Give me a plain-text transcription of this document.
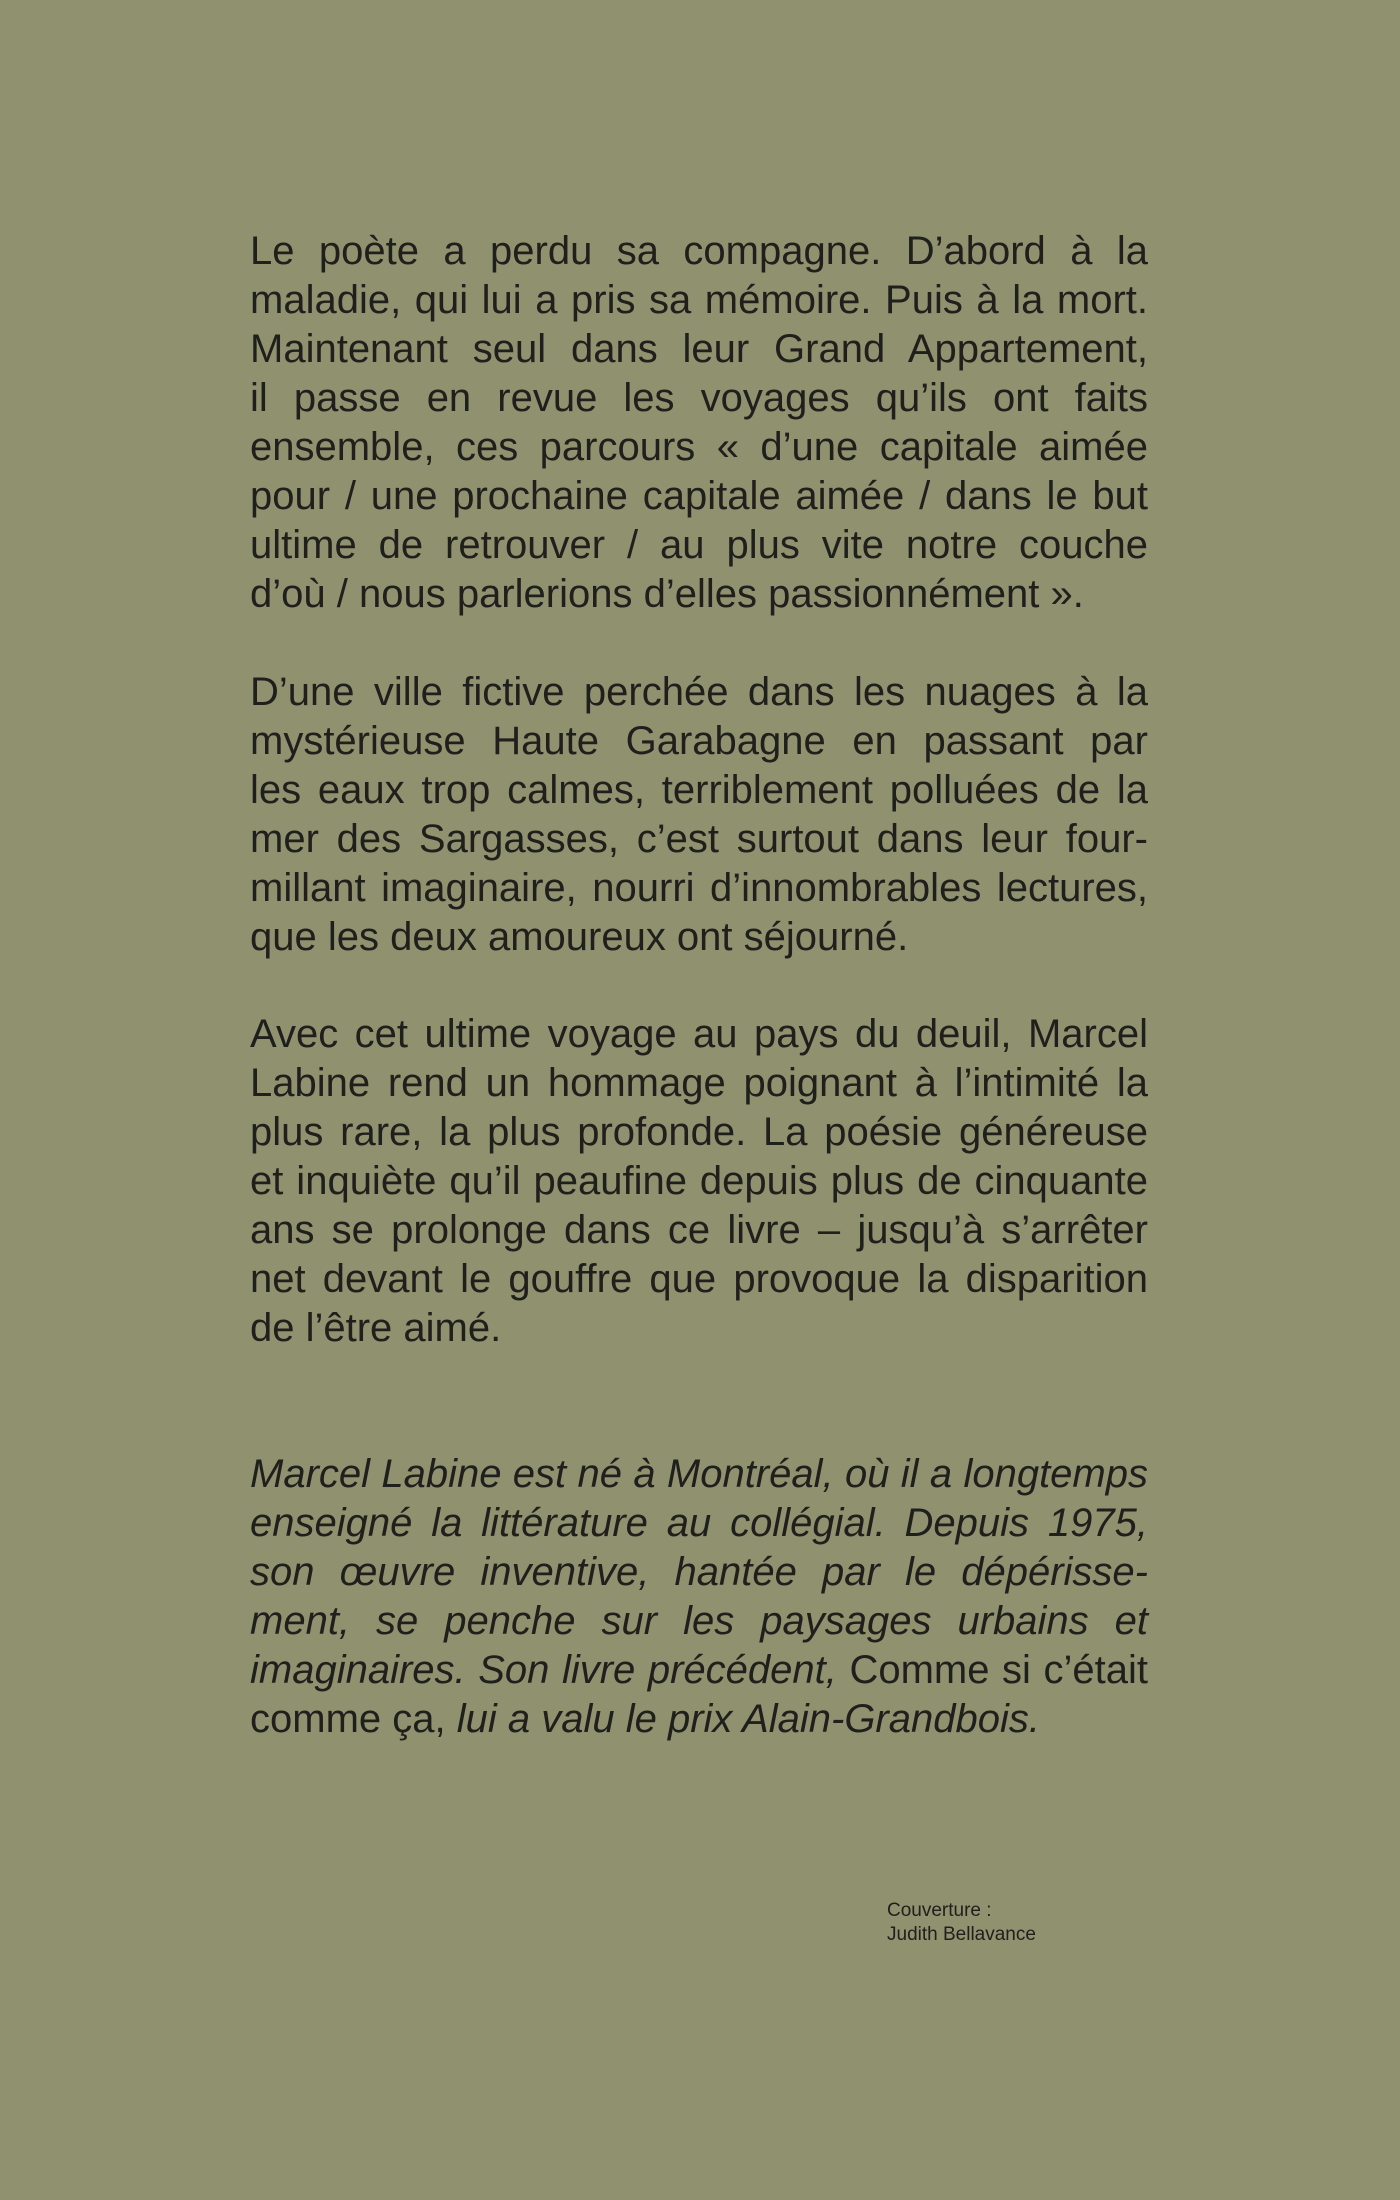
Le poète a perdu sa compagne. D’abord à la
maladie, qui lui a pris sa mémoire. Puis à la mort.
Maintenant seul dans leur Grand Appartement,
il passe en revue les voyages qu’ils ont faits
ensemble, ces parcours « d’une capitale aimée
pour / une prochaine capitale aimée / dans le but
ultime de retrouver / au plus vite notre couche
d’où / nous parlerions d’elles passionnément ».
D’une ville fictive perchée dans les nuages à la
mystérieuse Haute Garabagne en passant par
les eaux trop calmes, terriblement polluées de la
mer des Sargasses, c’est surtout dans leur four-
millant imaginaire, nourri d’innombrables lectures,
que les deux amoureux ont séjourné.
Avec cet ultime voyage au pays du deuil, Marcel
Labine rend un hommage poignant à l’intimité la
plus rare, la plus profonde. La poésie généreuse
et inquiète qu’il peaufine depuis plus de cinquante
ans se prolonge dans ce livre – jusqu’à s’arrêter
net devant le gouffre que provoque la disparition
de l’être aimé.
Marcel Labine est né à Montréal, où il a longtemps
enseigné la littérature au collégial. Depuis 1975,
son œuvre inventive, hantée par le dépérisse-
ment, se penche sur les paysages urbains et
imaginaires. Son livre précédent, Comme si c’était
comme ça, lui a valu le prix Alain-Grandbois.
Couverture :
Judith Bellavance
